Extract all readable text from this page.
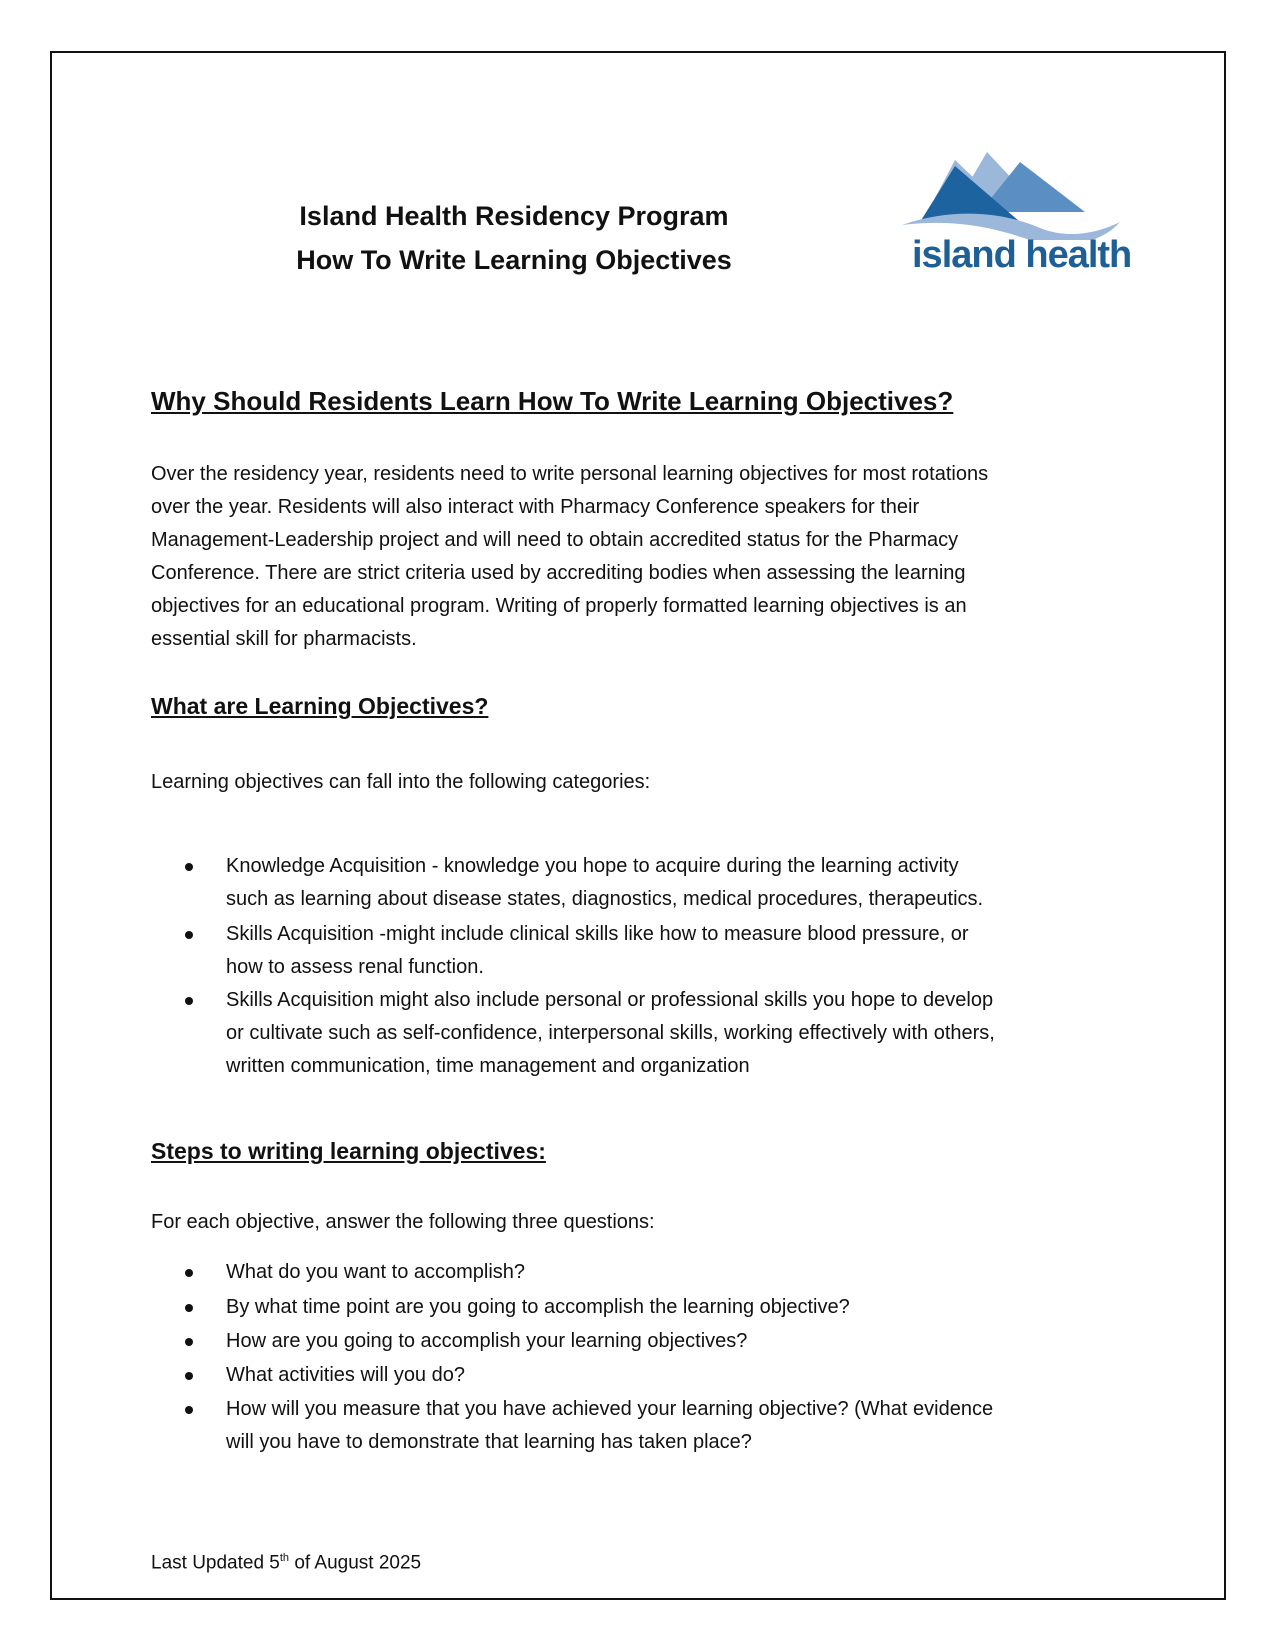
Island Health Residency Program
How To Write Learning Objectives	island health
Why Should Residents Learn How To Write Learning Objectives?
Over the residency year, residents need to write personal learning objectives for most rotations
over the year. Residents will also interact with Pharmacy Conference speakers for their
Management-Leadership project and will need to obtain accredited status for the Pharmacy
Conference. There are strict criteria used by accrediting bodies when assessing the learning
objectives for an educational program. Writing of properly formatted learning objectives is an
essential skill for pharmacists.
What are Learning Objectives?
Learning objectives can fall into the following categories:
Knowledge Acquisition - knowledge you hope to acquire during the learning activity
such as learning about disease states, diagnostics, medical procedures, therapeutics.
Skills Acquisition -might include clinical skills like how to measure blood pressure, or
how to assess renal function.
Skills Acquisition might also include personal or professional skills you hope to develop
or cultivate such as self-confidence, interpersonal skills, working effectively with others,
written communication, time management and organization
Steps to writing learning objectives:
For each objective, answer the following three questions:
What do you want to accomplish?
By what time point are you going to accomplish the learning objective?
How are you going to accomplish your learning objectives?
What activities will you do?
How will you measure that you have achieved your learning objective? (What evidence
will you have to demonstrate that learning has taken place?
Last Updated 5th of August 2025
